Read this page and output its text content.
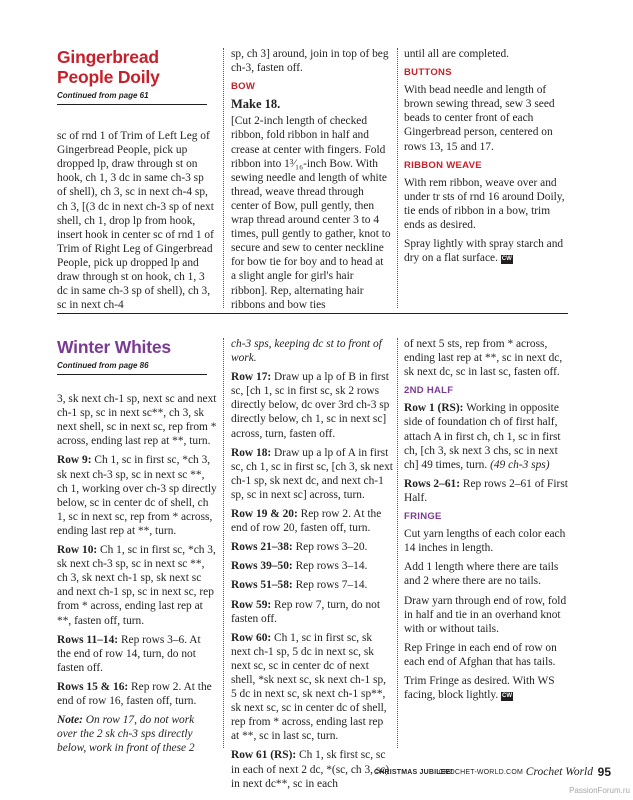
Gingerbread
People Doily
Continued from page 61

sc of rnd 1 of Trim of Left Leg of Gingerbread People, pick up dropped lp, draw through st on hook, ch 1, 3 dc in same ch-3 sp of shell), ch 3, sc in next ch-4 sp, ch 3, [(3 dc in next ch-3 sp of next shell, ch 1, drop lp from hook, insert hook in center sc of rnd 1 of Trim of Right Leg of Gingerbread People, pick up dropped lp and draw through st on hook, ch 1, 3 dc in same ch-3 sp of shell), ch 3, sc in next ch-4

sp, ch 3] around, join in top of beg ch-3, fasten off.

BOW
Make 18.

[Cut 2-inch length of checked ribbon, fold ribbon in half and crease at center with fingers. Fold ribbon into 1³⁄₁₆-inch Bow. With sewing needle and length of white thread, weave thread through center of Bow, pull gently, then wrap thread around center 3 to 4 times, pull gently to gather, knot to secure and sew to center neckline for bow tie for boy and to head at a slight angle for girl's hair ribbon]. Rep, alternating hair ribbons and bow ties

until all are completed.

BUTTONS

With bead needle and length of brown sewing thread, sew 3 seed beads to center front of each Gingerbread person, centered on rows 13, 15 and 17.

RIBBON WEAVE

With rem ribbon, weave over and under tr sts of rnd 16 around Doily, tie ends of ribbon in a bow, trim ends as desired.

Spray lightly with spray starch and dry on a flat surface. CW

Winter Whites
Continued from page 86

3, sk next ch-1 sp, next sc and next ch-1 sp, sc in next sc**, ch 3, sk next shell, sc in next sc, rep from * across, ending last rep at **, turn.

Row 9: Ch 1, sc in first sc, *ch 3, sk next ch-3 sp, sc in next sc **, ch 1, working over ch-3 sp directly below, sc in center dc of shell, ch 1, sc in next sc, rep from * across, ending last rep at **, turn.

Row 10: Ch 1, sc in first sc, *ch 3, sk next ch-3 sp, sc in next sc **, ch 3, sk next ch-1 sp, sk next sc and next ch-1 sp, sc in next sc, rep from * across, ending last rep at **, fasten off, turn.

Rows 11–14: Rep rows 3–6. At the end of row 14, turn, do not fasten off.

Rows 15 & 16: Rep row 2. At the end of row 16, fasten off, turn.

Note: On row 17, do not work over the 2 sk ch-3 sps directly below, work in front of these 2

ch-3 sps, keeping dc st to front of work.

Row 17: Draw up a lp of B in first sc, [ch 1, sc in first sc, sk 2 rows directly below, dc over 3rd ch-3 sp directly below, ch 1, sc in next sc] across, turn, fasten off.

Row 18: Draw up a lp of A in first sc, ch 1, sc in first sc, [ch 3, sk next ch-1 sp, sk next dc, and next ch-1 sp, sc in next sc] across, turn.

Row 19 & 20: Rep row 2. At the end of row 20, fasten off, turn.

Rows 21–38: Rep rows 3–20.

Rows 39–50: Rep rows 3–14.

Rows 51–58: Rep rows 7–14.

Row 59: Rep row 7, turn, do not fasten off.

Row 60: Ch 1, sc in first sc, sk next ch-1 sp, 5 dc in next sc, sk next sc, sc in center dc of next shell, *sk next sc, sk next ch-1 sp, 5 dc in next sc, sk next ch-1 sp**, sk next sc, sc in center dc of shell, rep from * across, ending last rep at **, sc in last sc, turn.

Row 61 (RS): Ch 1, sk first sc, sc in each of next 2 dc, *(sc, ch 3, sc) in next dc**, sc in each

of next 5 sts, rep from * across, ending last rep at **, sc in next dc, sk next dc, sc in last sc, fasten off.

2ND HALF

Row 1 (RS): Working in opposite side of foundation ch of first half, attach A in first ch, ch 1, sc in first ch, [ch 3, sk next 3 chs, sc in next ch] 49 times, turn. (49 ch-3 sps)

Rows 2–61: Rep rows 2–61 of First Half.

FRINGE

Cut yarn lengths of each color each 14 inches in length.

Add 1 length where there are tails and 2 where there are no tails.

Draw yarn through end of row, fold in half and tie in an overhand knot with or without tails.

Rep Fringe in each end of row on each end of Afghan that has tails.

Trim Fringe as desired. With WS facing, block lightly. CW

CHRISTMAS JUBILEE!
CROCHET-WORLD.COM Crochet World 95
PassionForum.ru
